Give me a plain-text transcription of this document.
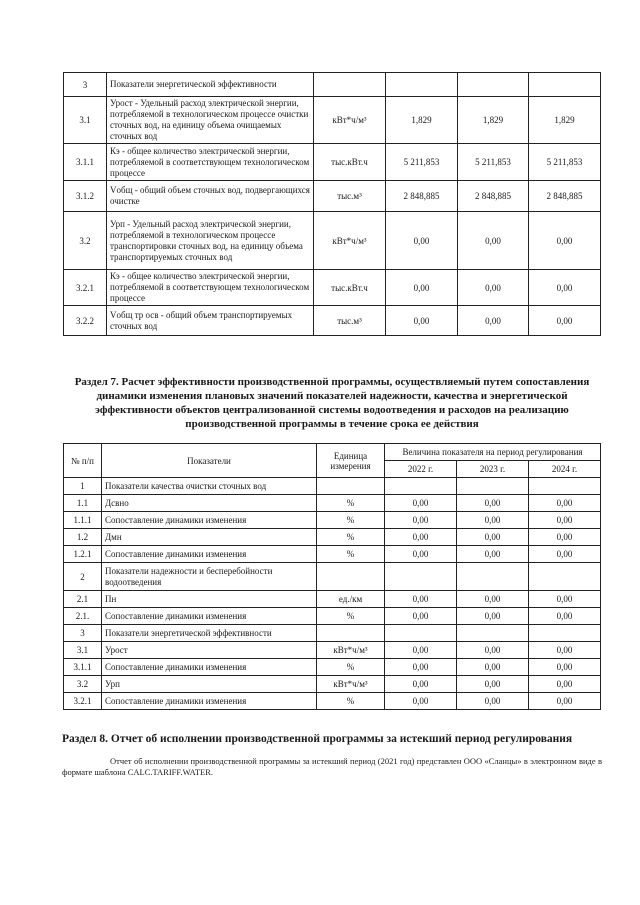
3	Показатели энергетической эффективности				
3.1	Урост - Удельный расход электрической энергии, потребляемой в технологическом процессе очистки сточных вод, на единицу объема очищаемых сточных вод	кВт*ч/м³	1,829	1,829	1,829
3.1.1	Кэ - общее количество электрической энергии, потребляемой в соответствующем технологическом процессе	тыс.кВт.ч	5 211,853	5 211,853	5 211,853
3.1.2	Vобщ - общий объем сточных вод, подвергающихся очистке	тыс.м³	2 848,885	2 848,885	2 848,885
3.2	Урп - Удельный расход электрической энергии, потребляемой в технологическом процессе транспортировки сточных вод, на единицу объема транспортируемых сточных вод	кВт*ч/м³	0,00	0,00	0,00
3.2.1	Кэ - общее количество электрической энергии, потребляемой в соответствующем технологическом процессе	тыс.кВт.ч	0,00	0,00	0,00
3.2.2	Vобщ тр осв - общий объем транспортируемых сточных вод	тыс.м³	0,00	0,00	0,00
Раздел 7. Расчет эффективности производственной программы, осуществляемый путем сопоставления динамики изменения плановых значений показателей надежности, качества и энергетической эффективности объектов централизованной системы водоотведения и расходов на реализацию производственной программы в течение срока ее действия
№ п/п	Показатели	Единица измерения	Величина показателя на период регулирования		
			2022 г.	2023 г.	2024 г.
1	Показатели качества очистки сточных вод				
1.1	Дсвно	%	0,00	0,00	0,00
1.1.1	Сопоставление динамики изменения	%	0,00	0,00	0,00
1.2	Дмн	%	0,00	0,00	0,00
1.2.1	Сопоставление динамики изменения	%	0,00	0,00	0,00
2	Показатели надежности и бесперебойности водоотведения				
2.1	Пн	ед./км	0,00	0,00	0,00
2.1.	Сопоставление динамики изменения	%	0,00	0,00	0,00
3	Показатели энергетической эффективности				
3.1	Урост	кВт*ч/м³	0,00	0,00	0,00
3.1.1	Сопоставление динамики изменения	%	0,00	0,00	0,00
3.2	Урп	кВт*ч/м³	0,00	0,00	0,00
3.2.1	Сопоставление динамики изменения	%	0,00	0,00	0,00
Раздел 8. Отчет об исполнении производственной программы за истекший период регулирования
Отчет об исполнении производственной программы за истекший период (2021 год) представлен ООО «Сланцы» в электронном виде в формате шаблона CALC.TARIFF.WATER.
